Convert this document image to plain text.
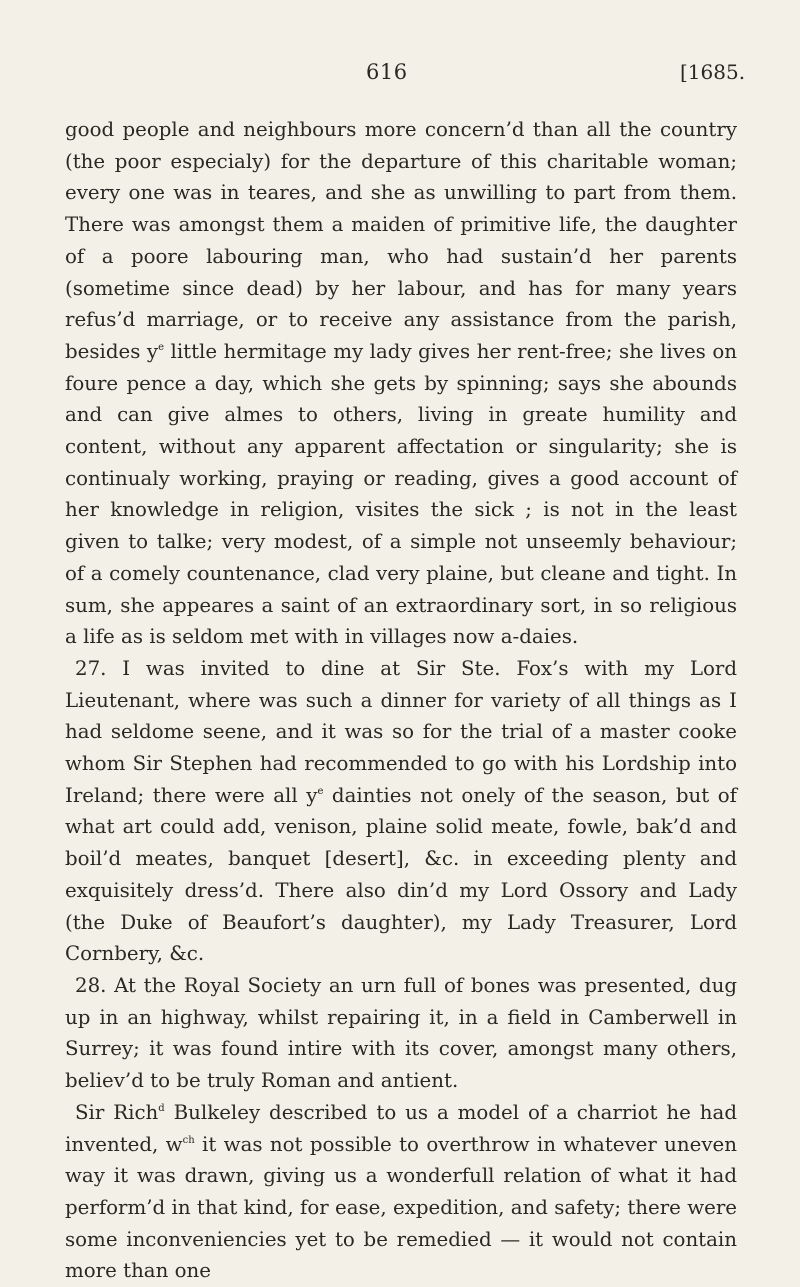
616	[1685.

good people and neighbours more concern’d than all the country (the poor especialy) for the departure of this charitable woman; every one was in teares, and she as unwilling to part from them. There was amongst them a maiden of primitive life, the daughter of a poore labouring man, who had sustain’d her parents (sometime since dead) by her labour, and has for many years refus’d marriage, or to receive any assistance from the parish, besides $y^e$ little hermitage my lady gives her rent-free; she lives on foure pence a day, which she gets by spinning; says she abounds and can give almes to others, living in greate humility and content, without any apparent affectation or singularity; she is continualy working, praying or reading, gives a good account of her knowledge in religion, visites the sick ; is not in the least given to talke; very modest, of a simple not unseemly behaviour; of a comely countenance, clad very plaine, but cleane and tight. In sum, she appeares a saint of an extraordinary sort, in so religious a life as is seldom met with in villages now a-daies.

27. I was invited to dine at Sir Ste. Fox’s with my Lord Lieutenant, where was such a dinner for variety of all things as I had seldome seene, and it was so for the trial of a master cooke whom Sir Stephen had recommended to go with his Lordship into Ireland; there were all $y^e$ dainties not onely of the season, but of what art could add, venison, plaine solid meate, fowle, bak’d and boil’d meates, banquet [desert], &c. in exceeding plenty and exquisitely dress’d. There also din’d my Lord Ossory and Lady (the Duke of Beaufort’s daughter), my Lady Treasurer, Lord Cornbery, &c.

28. At the Royal Society an urn full of bones was presented, dug up in an highway, whilst repairing it, in a field in Camberwell in Surrey; it was found intire with its cover, amongst many others, believ’d to be truly Roman and antient.

Sir Rich$^d$ Bulkeley described to us a model of a charriot he had invented, $w^{ch}$ it was not possible to overthrow in whatever uneven way it was drawn, giving us a wonderfull relation of what it had perform’d in that kind, for ease, expedition, and safety; there were some inconveniencies yet to be remedied — it would not contain more than one
